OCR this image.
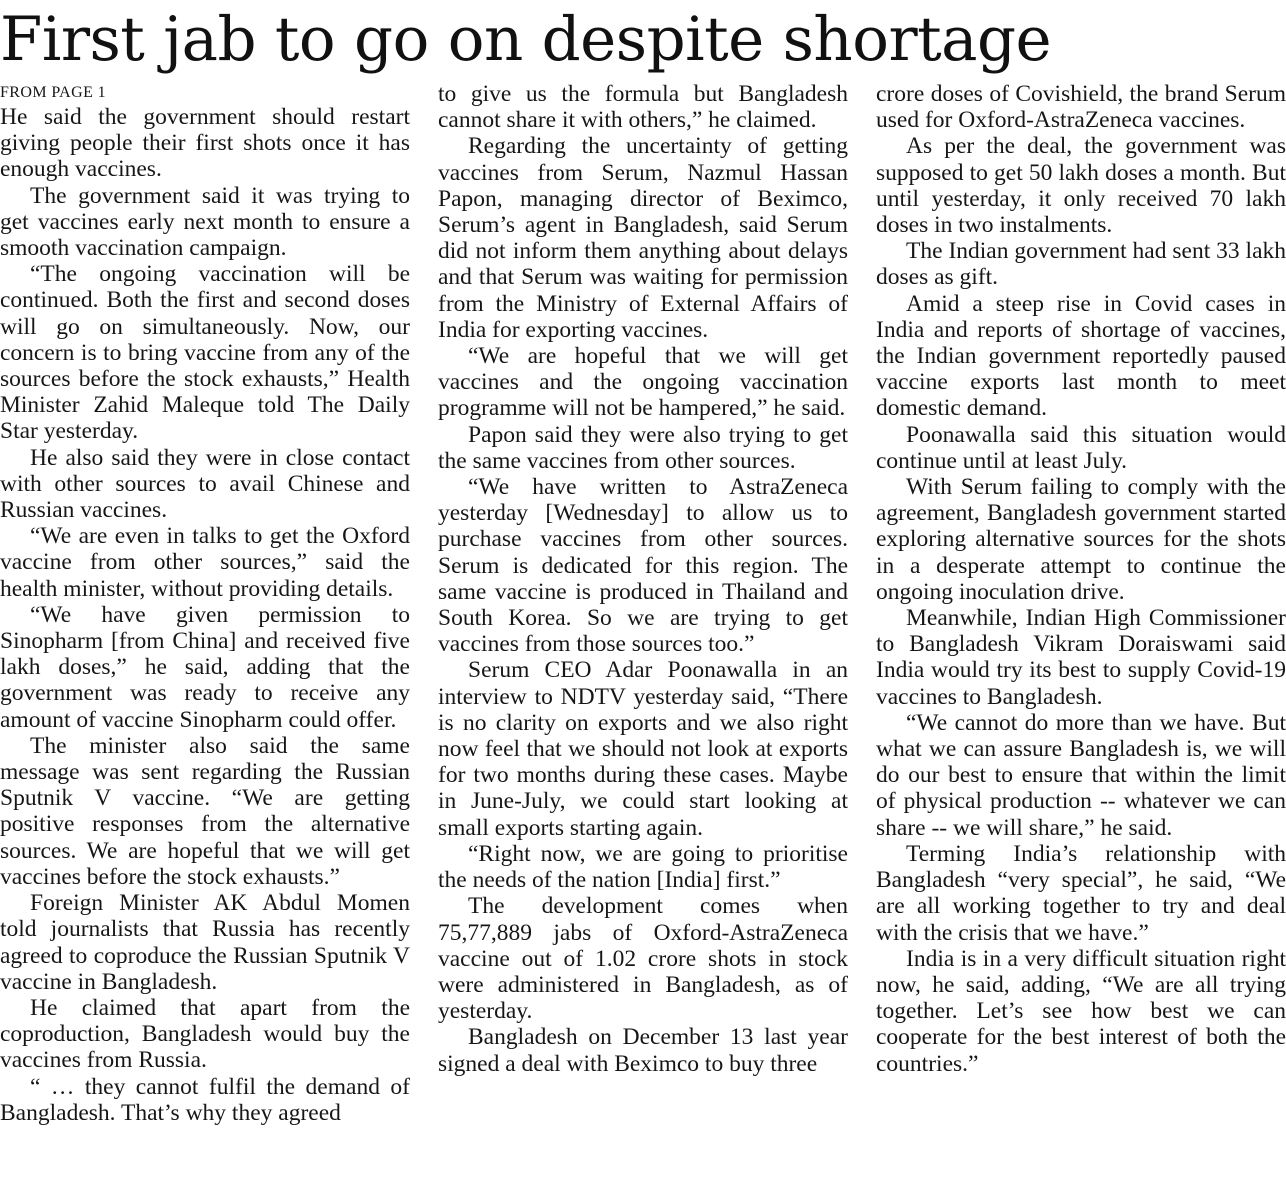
First jab to go on despite shortage
FROM PAGE 1

He said the government should restart giving people their first shots once it has enough vaccines.

The government said it was trying to get vaccines early next month to ensure a smooth vaccination campaign.

“The ongoing vaccination will be continued. Both the first and second doses will go on simultaneously. Now, our concern is to bring vaccine from any of the sources before the stock exhausts,” Health Minister Zahid Maleque told The Daily Star yesterday.

He also said they were in close contact with other sources to avail Chinese and Russian vaccines.

“We are even in talks to get the Oxford vaccine from other sources,” said the health minister, without providing details.

“We have given permission to Sinopharm [from China] and received five lakh doses,” he said, adding that the government was ready to receive any amount of vaccine Sinopharm could offer.

The minister also said the same message was sent regarding the Russian Sputnik V vaccine. “We are getting positive responses from the alternative sources. We are hopeful that we will get vaccines before the stock exhausts.”

Foreign Minister AK Abdul Momen told journalists that Russia has recently agreed to coproduce the Russian Sputnik V vaccine in Bangladesh.

He claimed that apart from the coproduction, Bangladesh would buy the vaccines from Russia.

“ … they cannot fulfil the demand of Bangladesh. That’s why they agreed

to give us the formula but Bangladesh cannot share it with others,” he claimed.

Regarding the uncertainty of getting vaccines from Serum, Nazmul Hassan Papon, managing director of Beximco, Serum’s agent in Bangladesh, said Serum did not inform them anything about delays and that Serum was waiting for permission from the Ministry of External Affairs of India for exporting vaccines.

“We are hopeful that we will get vaccines and the ongoing vaccination programme will not be hampered,” he said.

Papon said they were also trying to get the same vaccines from other sources.

“We have written to AstraZeneca yesterday [Wednesday] to allow us to purchase vaccines from other sources. Serum is dedicated for this region. The same vaccine is produced in Thailand and South Korea. So we are trying to get vaccines from those sources too.”

Serum CEO Adar Poonawalla in an interview to NDTV yesterday said, “There is no clarity on exports and we also right now feel that we should not look at exports for two months during these cases. Maybe in June-July, we could start looking at small exports starting again.

“Right now, we are going to prioritise the needs of the nation [India] first.”

The development comes when 75,77,889 jabs of Oxford-AstraZeneca vaccine out of 1.02 crore shots in stock were administered in Bangladesh, as of yesterday.

Bangladesh on December 13 last year signed a deal with Beximco to buy three

crore doses of Covishield, the brand Serum used for Oxford-AstraZeneca vaccines.

As per the deal, the government was supposed to get 50 lakh doses a month. But until yesterday, it only received 70 lakh doses in two instalments.

The Indian government had sent 33 lakh doses as gift.

Amid a steep rise in Covid cases in India and reports of shortage of vaccines, the Indian government reportedly paused vaccine exports last month to meet domestic demand.

Poonawalla said this situation would continue until at least July.

With Serum failing to comply with the agreement, Bangladesh government started exploring alternative sources for the shots in a desperate attempt to continue the ongoing inoculation drive.

Meanwhile, Indian High Commissioner to Bangladesh Vikram Doraiswami said India would try its best to supply Covid-19 vaccines to Bangladesh.

“We cannot do more than we have. But what we can assure Bangladesh is, we will do our best to ensure that within the limit of physical production -- whatever we can share -- we will share,” he said.

Terming India’s relationship with Bangladesh “very special”, he said, “We are all working together to try and deal with the crisis that we have.”

India is in a very difficult situation right now, he said, adding, “We are all trying together. Let’s see how best we can cooperate for the best interest of both the countries.”
